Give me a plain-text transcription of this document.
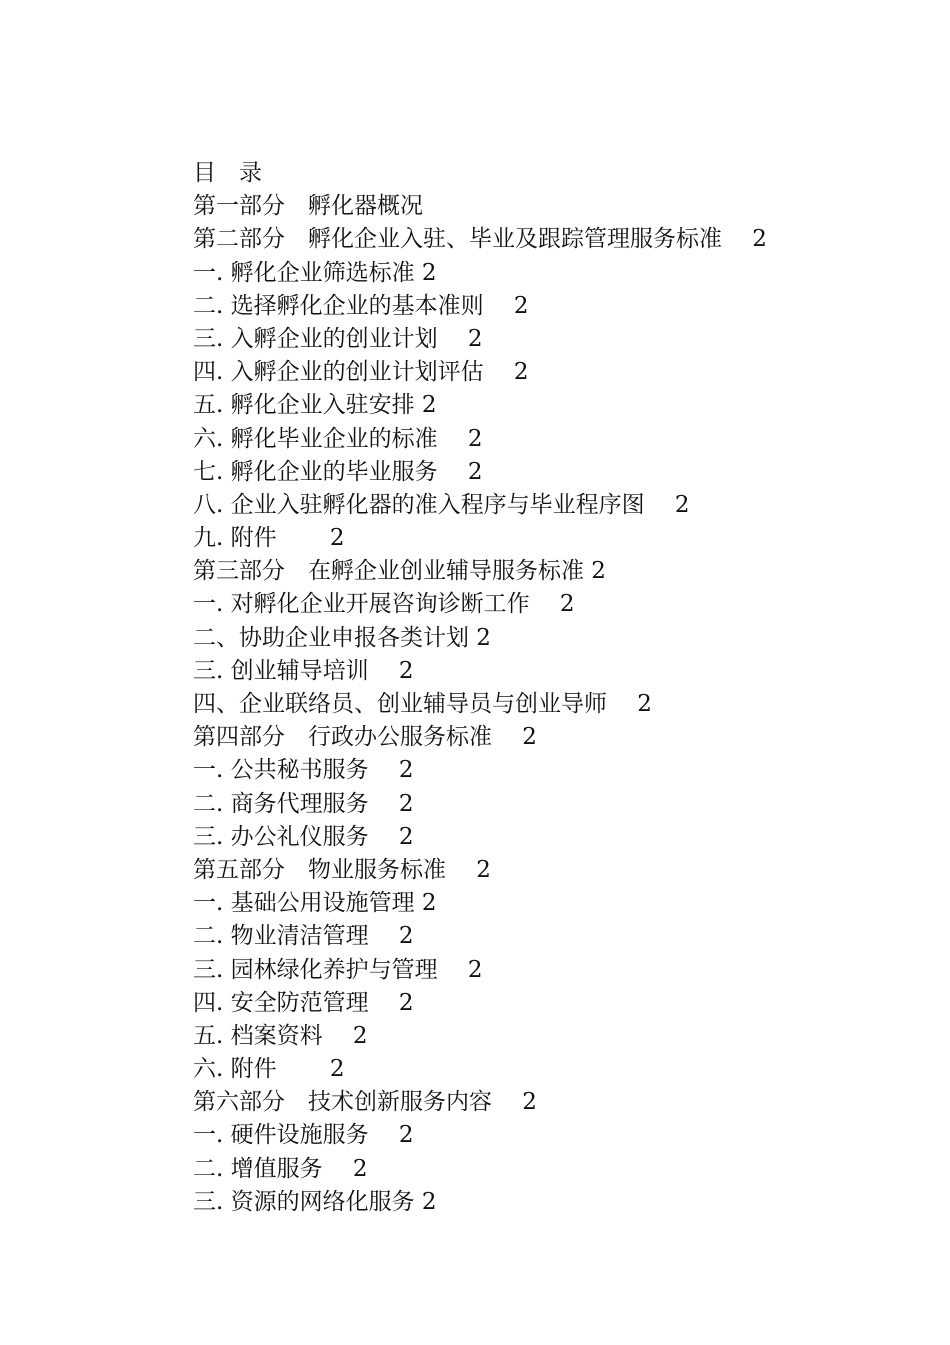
目　录
第一部分　孵化器概况
第二部分　孵化企业入驻、毕业及跟踪管理服务标准　 2
一. 孵化企业筛选标准 2
二. 选择孵化企业的基本准则　 2
三. 入孵企业的创业计划　 2
四. 入孵企业的创业计划评估　 2
五. 孵化企业入驻安排 2
六. 孵化毕业企业的标准　 2
七. 孵化企业的毕业服务　 2
八. 企业入驻孵化器的准入程序与毕业程序图　 2
九. 附件　　 2
第三部分　在孵企业创业辅导服务标准 2
一. 对孵化企业开展咨询诊断工作　 2
二、协助企业申报各类计划 2
三. 创业辅导培训　 2
四、企业联络员、创业辅导员与创业导师　 2
第四部分　行政办公服务标准　 2
一. 公共秘书服务　 2
二. 商务代理服务　 2
三. 办公礼仪服务　 2
第五部分　物业服务标准　 2
一. 基础公用设施管理 2
二. 物业清洁管理　 2
三. 园林绿化养护与管理　 2
四. 安全防范管理　 2
五. 档案资料　 2
六. 附件　　 2
第六部分　技术创新服务内容　 2
一. 硬件设施服务　 2
二. 增值服务　 2
三. 资源的网络化服务 2
